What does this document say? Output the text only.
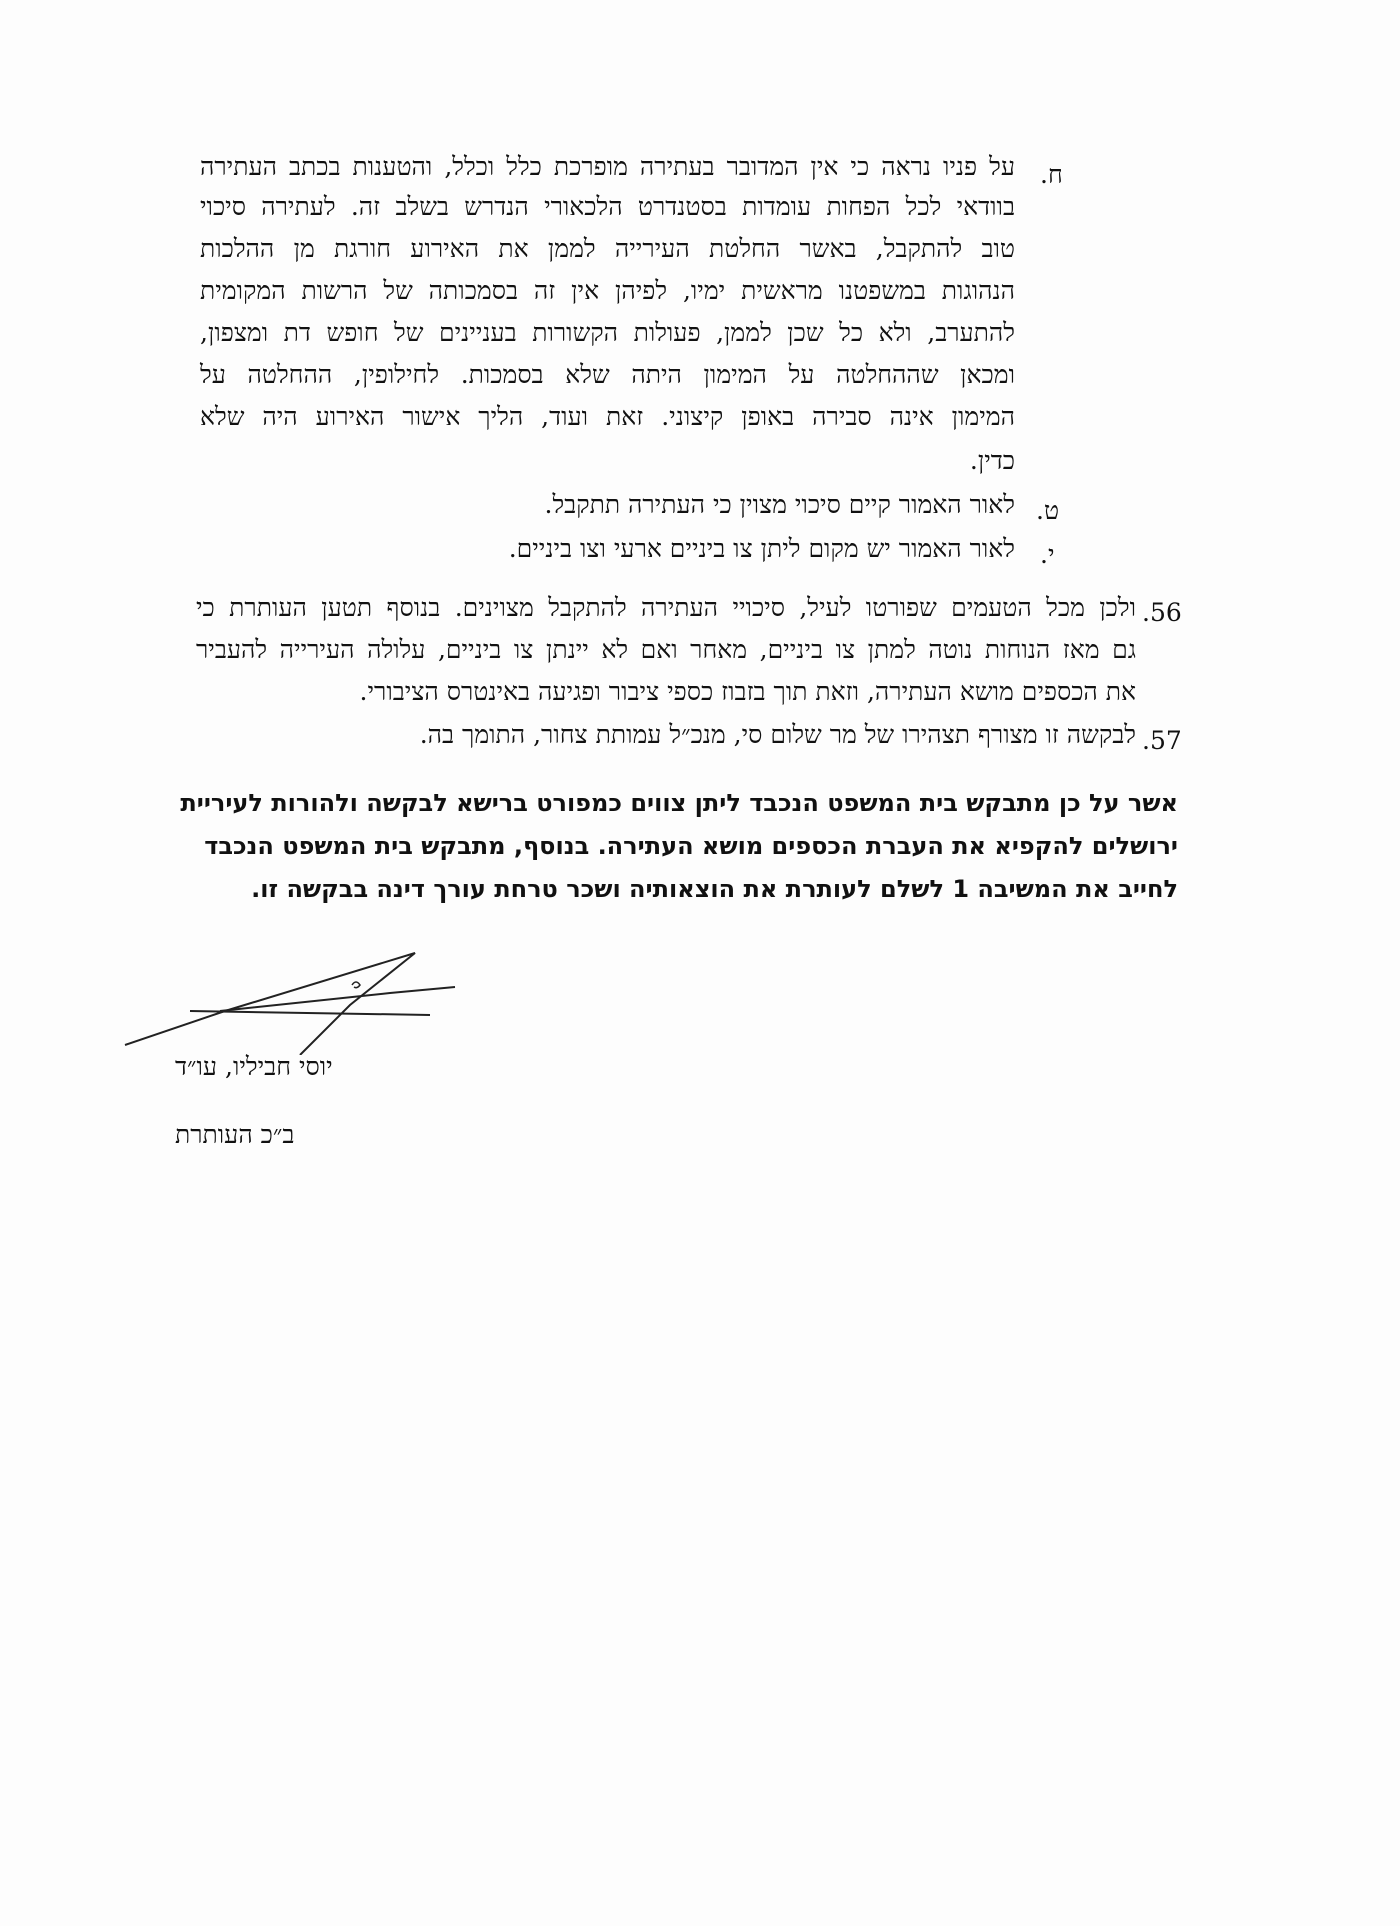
ח.
על פניו נראה כי אין המדובר בעתירה מופרכת כלל וכלל, והטענות בכתב העתירה
בוודאי לכל הפחות עומדות בסטנדרט הלכאורי הנדרש בשלב זה. לעתירה סיכוי
טוב להתקבל, באשר החלטת העירייה לממן את האירוע חורגת מן ההלכות
הנהוגות במשפטנו מראשית ימיו, לפיהן אין זה בסמכותה של הרשות המקומית
להתערב, ולא כל שכן לממן, פעולות הקשורות בעניינים של חופש דת ומצפון,
ומכאן שההחלטה על המימון היתה שלא בסמכות. לחילופין, ההחלטה על
המימון אינה סבירה באופן קיצוני. זאת ועוד, הליך אישור האירוע היה שלא
כדין.
ט.
לאור האמור קיים סיכוי מצוין כי העתירה תתקבל.
י.
לאור האמור יש מקום ליתן צו ביניים ארעי וצו ביניים.
56.
ולכן מכל הטעמים שפורטו לעיל, סיכויי העתירה להתקבל מצוינים. בנוסף תטען העותרת כי
גם מאז הנוחות נוטה למתן צו ביניים, מאחר ואם לא יינתן צו ביניים, עלולה העירייה להעביר
את הכספים מושא העתירה, וזאת תוך בזבוז כספי ציבור ופגיעה באינטרס הציבורי.
57.
לבקשה זו מצורף תצהירו של מר שלום סי, מנכ״ל עמותת צחור, התומך בה.
אשר על כן מתבקש בית המשפט הנכבד ליתן צווים כמפורט ברישא לבקשה ולהורות לעיריית
ירושלים להקפיא את העברת הכספים מושא העתירה. בנוסף, מתבקש בית המשפט הנכבד
לחייב את המשיבה 1 לשלם לעותרת את הוצאותיה ושכר טרחת עורך דינה בבקשה זו.
יוסי חביליו, עו״ד
ב״כ העותרת
